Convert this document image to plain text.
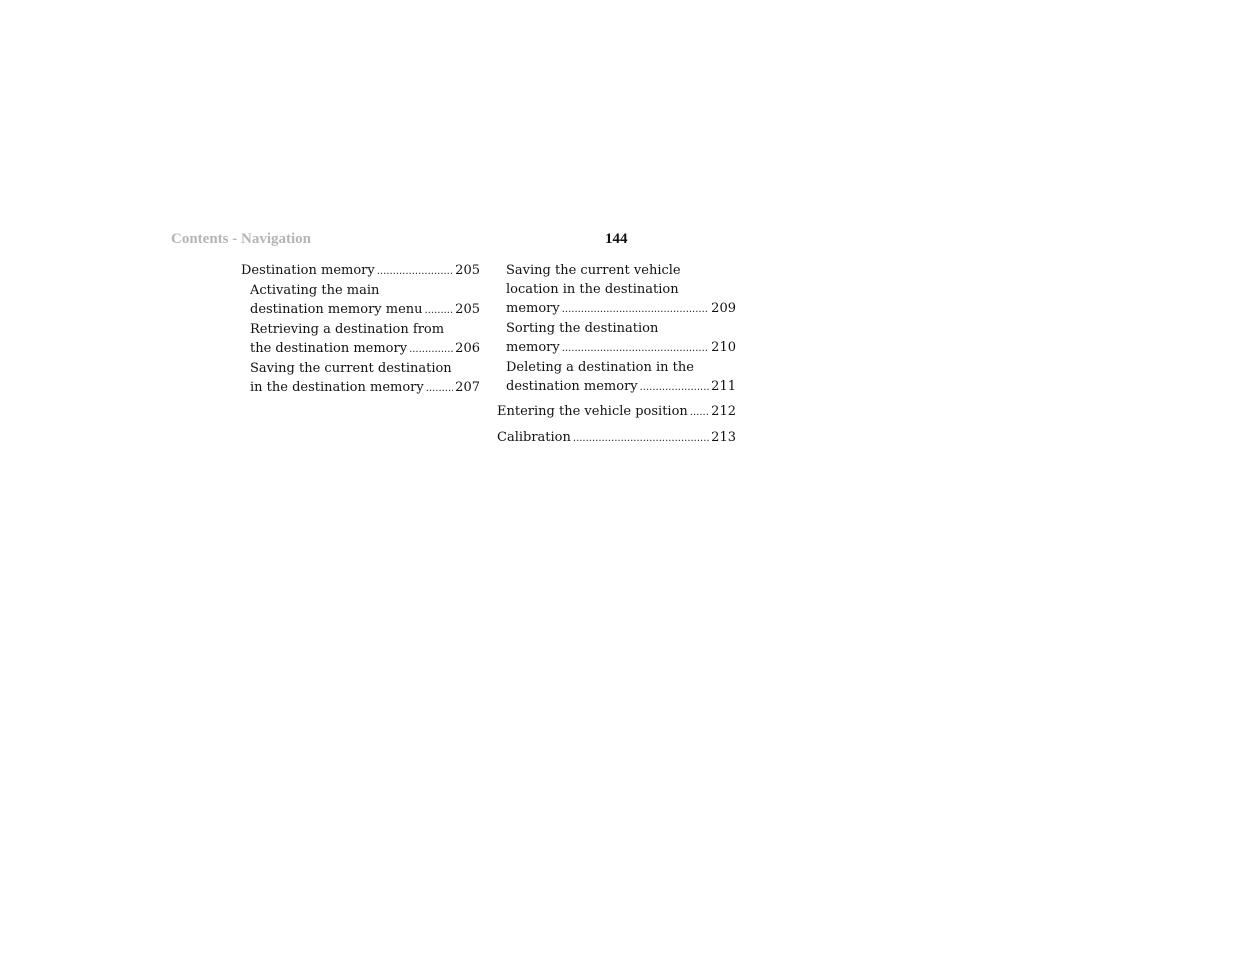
Contents - Navigation	144
Destination memory .....	205
Activating the main
destination memory menu .....	205
Retrieving a destination from
the destination memory .....	206
Saving the current destination
in the destination memory ..... 207
Saving the current vehicle
location in the destination
memory .....	209
Sorting the destination
memory .....	210
Deleting a destination in the
destination memory .....	211
Entering the vehicle position ..... 212
Calibration .....	213
